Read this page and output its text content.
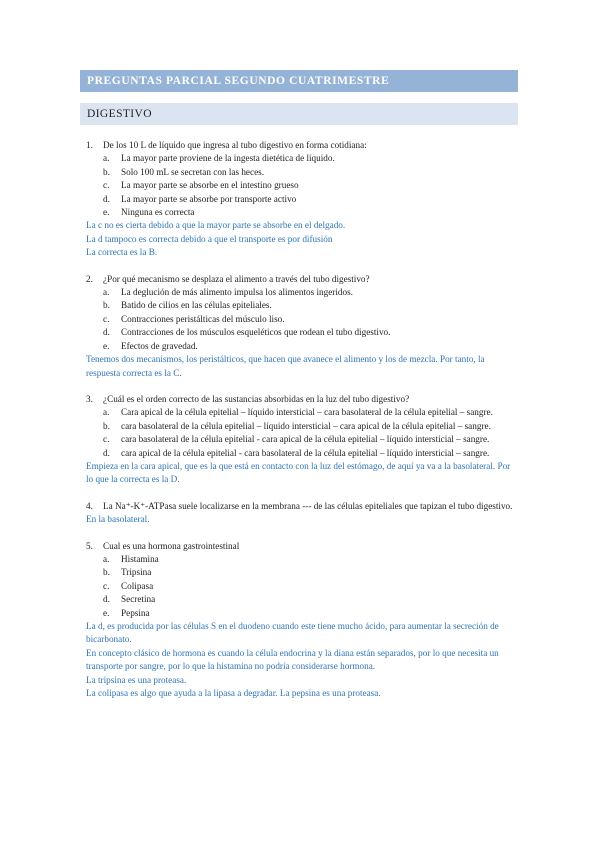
PREGUNTAS PARCIAL SEGUNDO CUATRIMESTRE
DIGESTIVO
1.	De los 10 L de líquido que ingresa al tubo digestivo en forma cotidiana:
a.	La mayor parte proviene de la ingesta dietética de líquido.
b.	Solo 100 mL se secretan con las heces.
c.	La mayor parte se absorbe en el intestino grueso
d.	La mayor parte se absorbe por transporte activo
e.	Ninguna es correcta
La c no es cierta debido a que la mayor parte se absorbe en el delgado.
La d tampoco es correcta debido a que el transporte es por difusión
La correcta es la B.
2.	¿Por qué mecanismo se desplaza el alimento a través del tubo digestivo?
a.	La deglución de más alimento impulsa los alimentos ingeridos.
b.	Batido de cilios en las células epiteliales.
c.	Contracciones peristálticas del músculo liso.
d.	Contracciones de los músculos esqueléticos que rodean el tubo digestivo.
e.	Efectos de gravedad.
Tenemos dos mecanismos, los peristálticos, que hacen que avanece el alimento y los de mezcla. Por tanto, la respuesta correcta es la C.
3.	¿Cuál es el orden correcto de las sustancias absorbidas en la luz del tubo digestivo?
a.	Cara apical de la célula epitelial – líquido intersticial – cara basolateral de la célula epitelial – sangre.
b.	cara basolateral de la célula epitelial – líquido intersticial – cara apical de la célula epitelial – sangre.
c.	cara basolateral de la célula epitelial - cara apical de la célula epitelial – líquido intersticial – sangre.
d.	cara apical de la célula epitelial - cara basolateral de la célula epitelial – líquido intersticial – sangre.
Empieza en la cara apical, que es la que está en contacto con la luz del estómago, de aquí ya va a la basolateral. Por lo que la correcta es la D.
4.	La Na⁺-K⁺-ATPasa suele localizarse en la membrana --- de las células epiteliales que tapizan el tubo digestivo.
En la basolateral.
5.	Cual es una hormona gastrointestinal
a.	Histamina
b.	Tripsina
c.	Colipasa
d.	Secretina
e.	Pepsina
La d, es producida por las células S en el duodeno cuando este tiene mucho ácido, para aumentar la secreción de bicarbonato.
En concepto clásico de hormona es cuando la célula endocrina y la diana están separados, por lo que necesita un transporte por sangre, por lo que la histamina no podría considerarse hormona.
La tripsina es una proteasa.
La colipasa es algo que ayuda a la lipasa a degradar. La pepsina es una proteasa.
